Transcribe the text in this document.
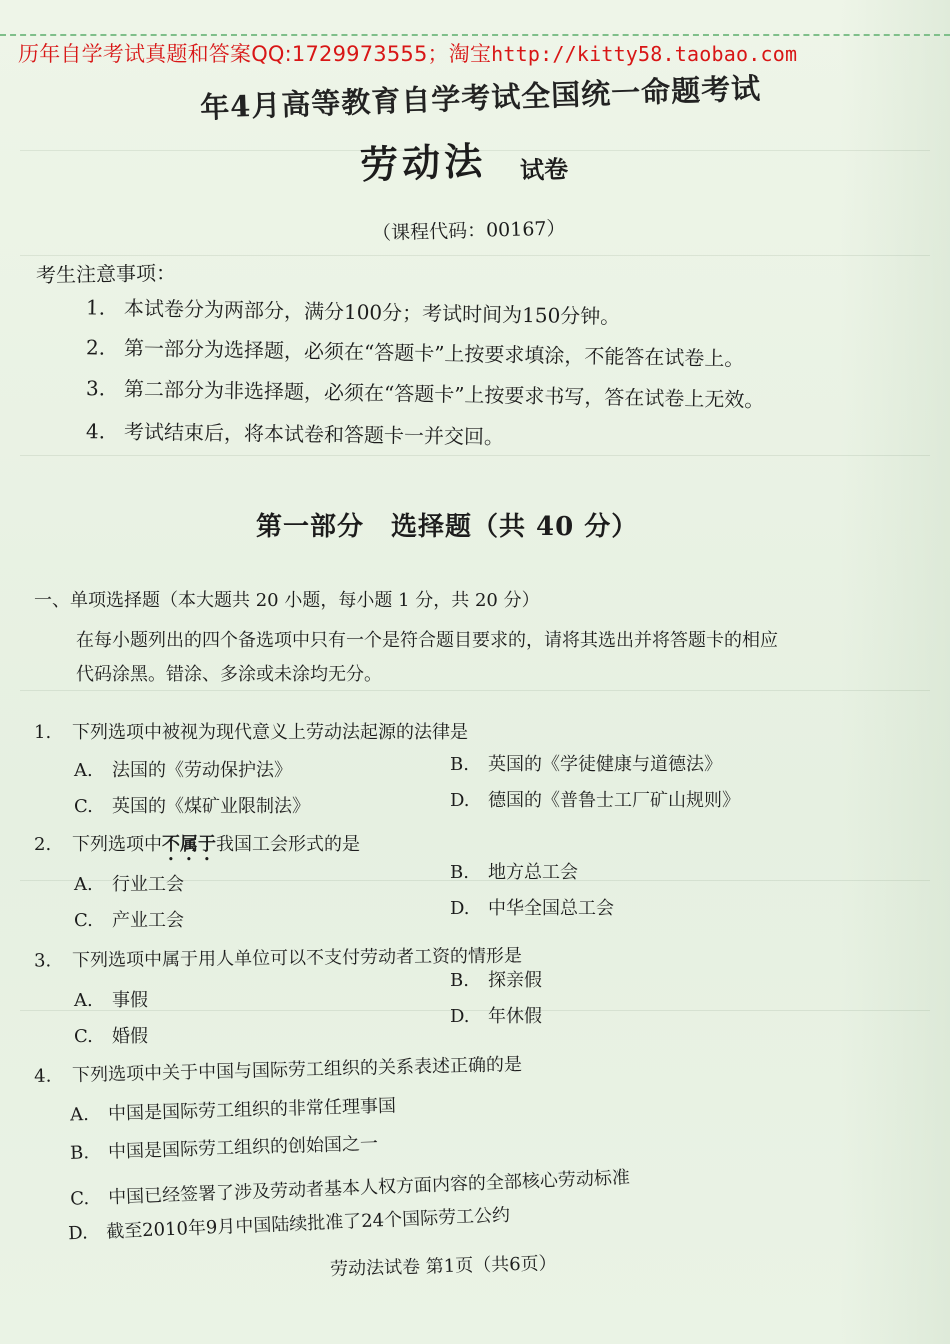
历年自学考试真题和答案QQ:1729973555；淘宝http://kitty58.taobao.com
年4月高等教育自学考试全国统一命题考试
劳动法 试卷
（课程代码：00167）
考生注意事项：
1. 本试卷分为两部分，满分100分；考试时间为150分钟。
2. 第一部分为选择题，必须在“答题卡”上按要求填涂，不能答在试卷上。
3. 第二部分为非选择题，必须在“答题卡”上按要求书写，答在试卷上无效。
4. 考试结束后，将本试卷和答题卡一并交回。
第一部分　选择题（共 40 分）
一、单项选择题（本大题共 20 小题，每小题 1 分，共 20 分）
在每小题列出的四个备选项中只有一个是符合题目要求的，请将其选出并将答题卡的相应
代码涂黑。错涂、多涂或未涂均无分。
1. 下列选项中被视为现代意义上劳动法起源的法律是
A. 法国的《劳动保护法》	B. 英国的《学徒健康与道德法》
C. 英国的《煤矿业限制法》	D. 德国的《普鲁士工厂矿山规则》
2. 下列选项中不属于我国工会形式的是
A. 行业工会
B. 地方总工会
C. 产业工会
D. 中华全国总工会
3. 下列选项中属于用人单位可以不支付劳动者工资的情形是
A. 事假
B. 探亲假
C. 婚假
D. 年休假
4. 下列选项中关于中国与国际劳工组织的关系表述正确的是
A. 中国是国际劳工组织的非常任理事国
B. 中国是国际劳工组织的创始国之一
C. 中国已经签署了涉及劳动者基本人权方面内容的全部核心劳动标准
D. 截至2010年9月中国陆续批准了24个国际劳工公约
劳动法试卷 第1页（共6页）
